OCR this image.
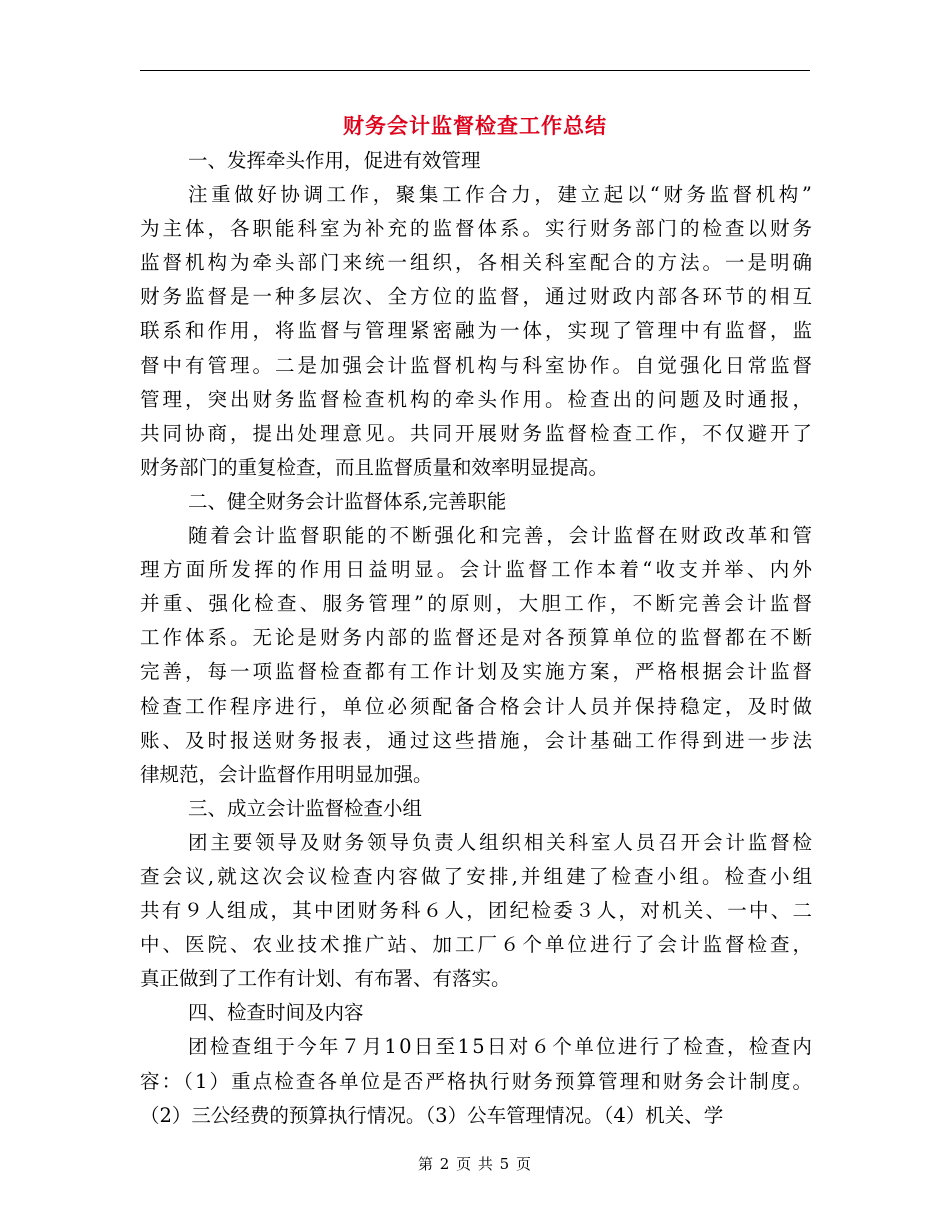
财务会计监督检查工作总结
一、发挥牵头作用，促进有效管理
注重做好协调工作，聚集工作合力，建立起以“财务监督机构”
为主体，各职能科室为补充的监督体系。实行财务部门的检查以财务
监督机构为牵头部门来统一组织，各相关科室配合的方法。一是明确
财务监督是一种多层次、全方位的监督，通过财政内部各环节的相互
联系和作用，将监督与管理紧密融为一体，实现了管理中有监督，监
督中有管理。二是加强会计监督机构与科室协作。自觉强化日常监督
管理，突出财务监督检查机构的牵头作用。检查出的问题及时通报，
共同协商，提出处理意见。共同开展财务监督检查工作，不仅避开了
财务部门的重复检查，而且监督质量和效率明显提高。
二、健全财务会计监督体系,完善职能
随着会计监督职能的不断强化和完善，会计监督在财政改革和管
理方面所发挥的作用日益明显。会计监督工作本着“收支并举、内外
并重、强化检查、服务管理”的原则，大胆工作，不断完善会计监督
工作体系。无论是财务内部的监督还是对各预算单位的监督都在不断
完善，每一项监督检查都有工作计划及实施方案，严格根据会计监督
检查工作程序进行，单位必须配备合格会计人员并保持稳定，及时做
账、及时报送财务报表，通过这些措施，会计基础工作得到进一步法
律规范，会计监督作用明显加强。
三、成立会计监督检查小组
团主要领导及财务领导负责人组织相关科室人员召开会计监督检
查会议,就这次会议检查内容做了安排,并组建了检查小组。检查小组
共有９人组成，其中团财务科６人，团纪检委３人，对机关、一中、二
中、医院、农业技术推广站、加工厂６个单位进行了会计监督检查，
真正做到了工作有计划、有布署、有落实。
四、检查时间及内容
团检查组于今年７月10日至15日对６个单位进行了检查，检查内
容：（1）重点检查各单位是否严格执行财务预算管理和财务会计制度。
（2）三公经费的预算执行情况。（3）公车管理情况。（4）机关、学
第 2 页 共 5 页
